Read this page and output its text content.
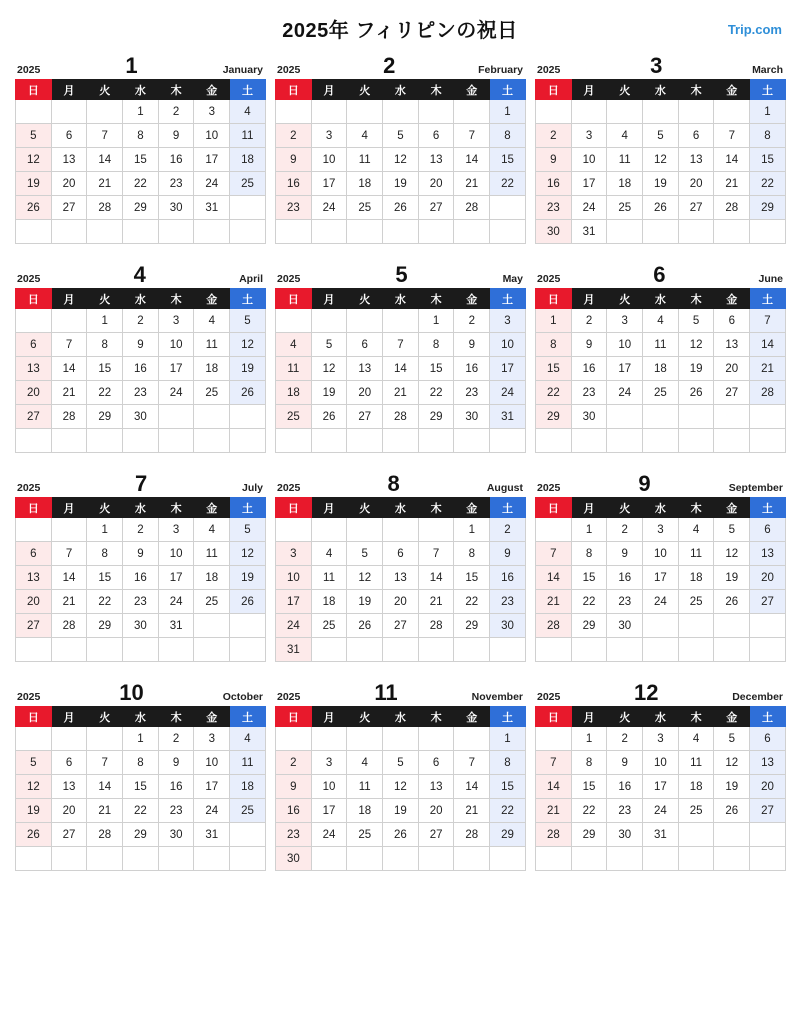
2025年 フィリピンの祝日	Trip.com
2025	1	January
日	月	火	水	木	金	土
			1	2	3	4
5	6	7	8	9	10	11
12	13	14	15	16	17	18
19	20	21	22	23	24	25
26	27	28	29	30	31	

2025	2	February
日	月	火	水	木	金	土
						1
2	3	4	5	6	7	8
9	10	11	12	13	14	15
16	17	18	19	20	21	22
23	24	25	26	27	28	

2025	3	March
日	月	火	水	木	金	土
						1
2	3	4	5	6	7	8
9	10	11	12	13	14	15
16	17	18	19	20	21	22
23	24	25	26	27	28	29
30	31					
2025	4	April
日	月	火	水	木	金	土
		1	2	3	4	5
6	7	8	9	10	11	12
13	14	15	16	17	18	19
20	21	22	23	24	25	26
27	28	29	30			

2025	5	May
日	月	火	水	木	金	土
				1	2	3
4	5	6	7	8	9	10
11	12	13	14	15	16	17
18	19	20	21	22	23	24
25	26	27	28	29	30	31

2025	6	June
日	月	火	水	木	金	土
1	2	3	4	5	6	7
8	9	10	11	12	13	14
15	16	17	18	19	20	21
22	23	24	25	26	27	28
29	30					

2025	7	July
日	月	火	水	木	金	土
		1	2	3	4	5
6	7	8	9	10	11	12
13	14	15	16	17	18	19
20	21	22	23	24	25	26
27	28	29	30	31		

2025	8	August
日	月	火	水	木	金	土
					1	2
3	4	5	6	7	8	9
10	11	12	13	14	15	16
17	18	19	20	21	22	23
24	25	26	27	28	29	30
31						
2025	9	September
日	月	火	水	木	金	土
	1	2	3	4	5	6
7	8	9	10	11	12	13
14	15	16	17	18	19	20
21	22	23	24	25	26	27
28	29	30				

2025	10	October
日	月	火	水	木	金	土
			1	2	3	4
5	6	7	8	9	10	11
12	13	14	15	16	17	18
19	20	21	22	23	24	25
26	27	28	29	30	31	

2025	11	November
日	月	火	水	木	金	土
						1
2	3	4	5	6	7	8
9	10	11	12	13	14	15
16	17	18	19	20	21	22
23	24	25	26	27	28	29
30						
2025	12	December
日	月	火	水	木	金	土
	1	2	3	4	5	6
7	8	9	10	11	12	13
14	15	16	17	18	19	20
21	22	23	24	25	26	27
28	29	30	31			
